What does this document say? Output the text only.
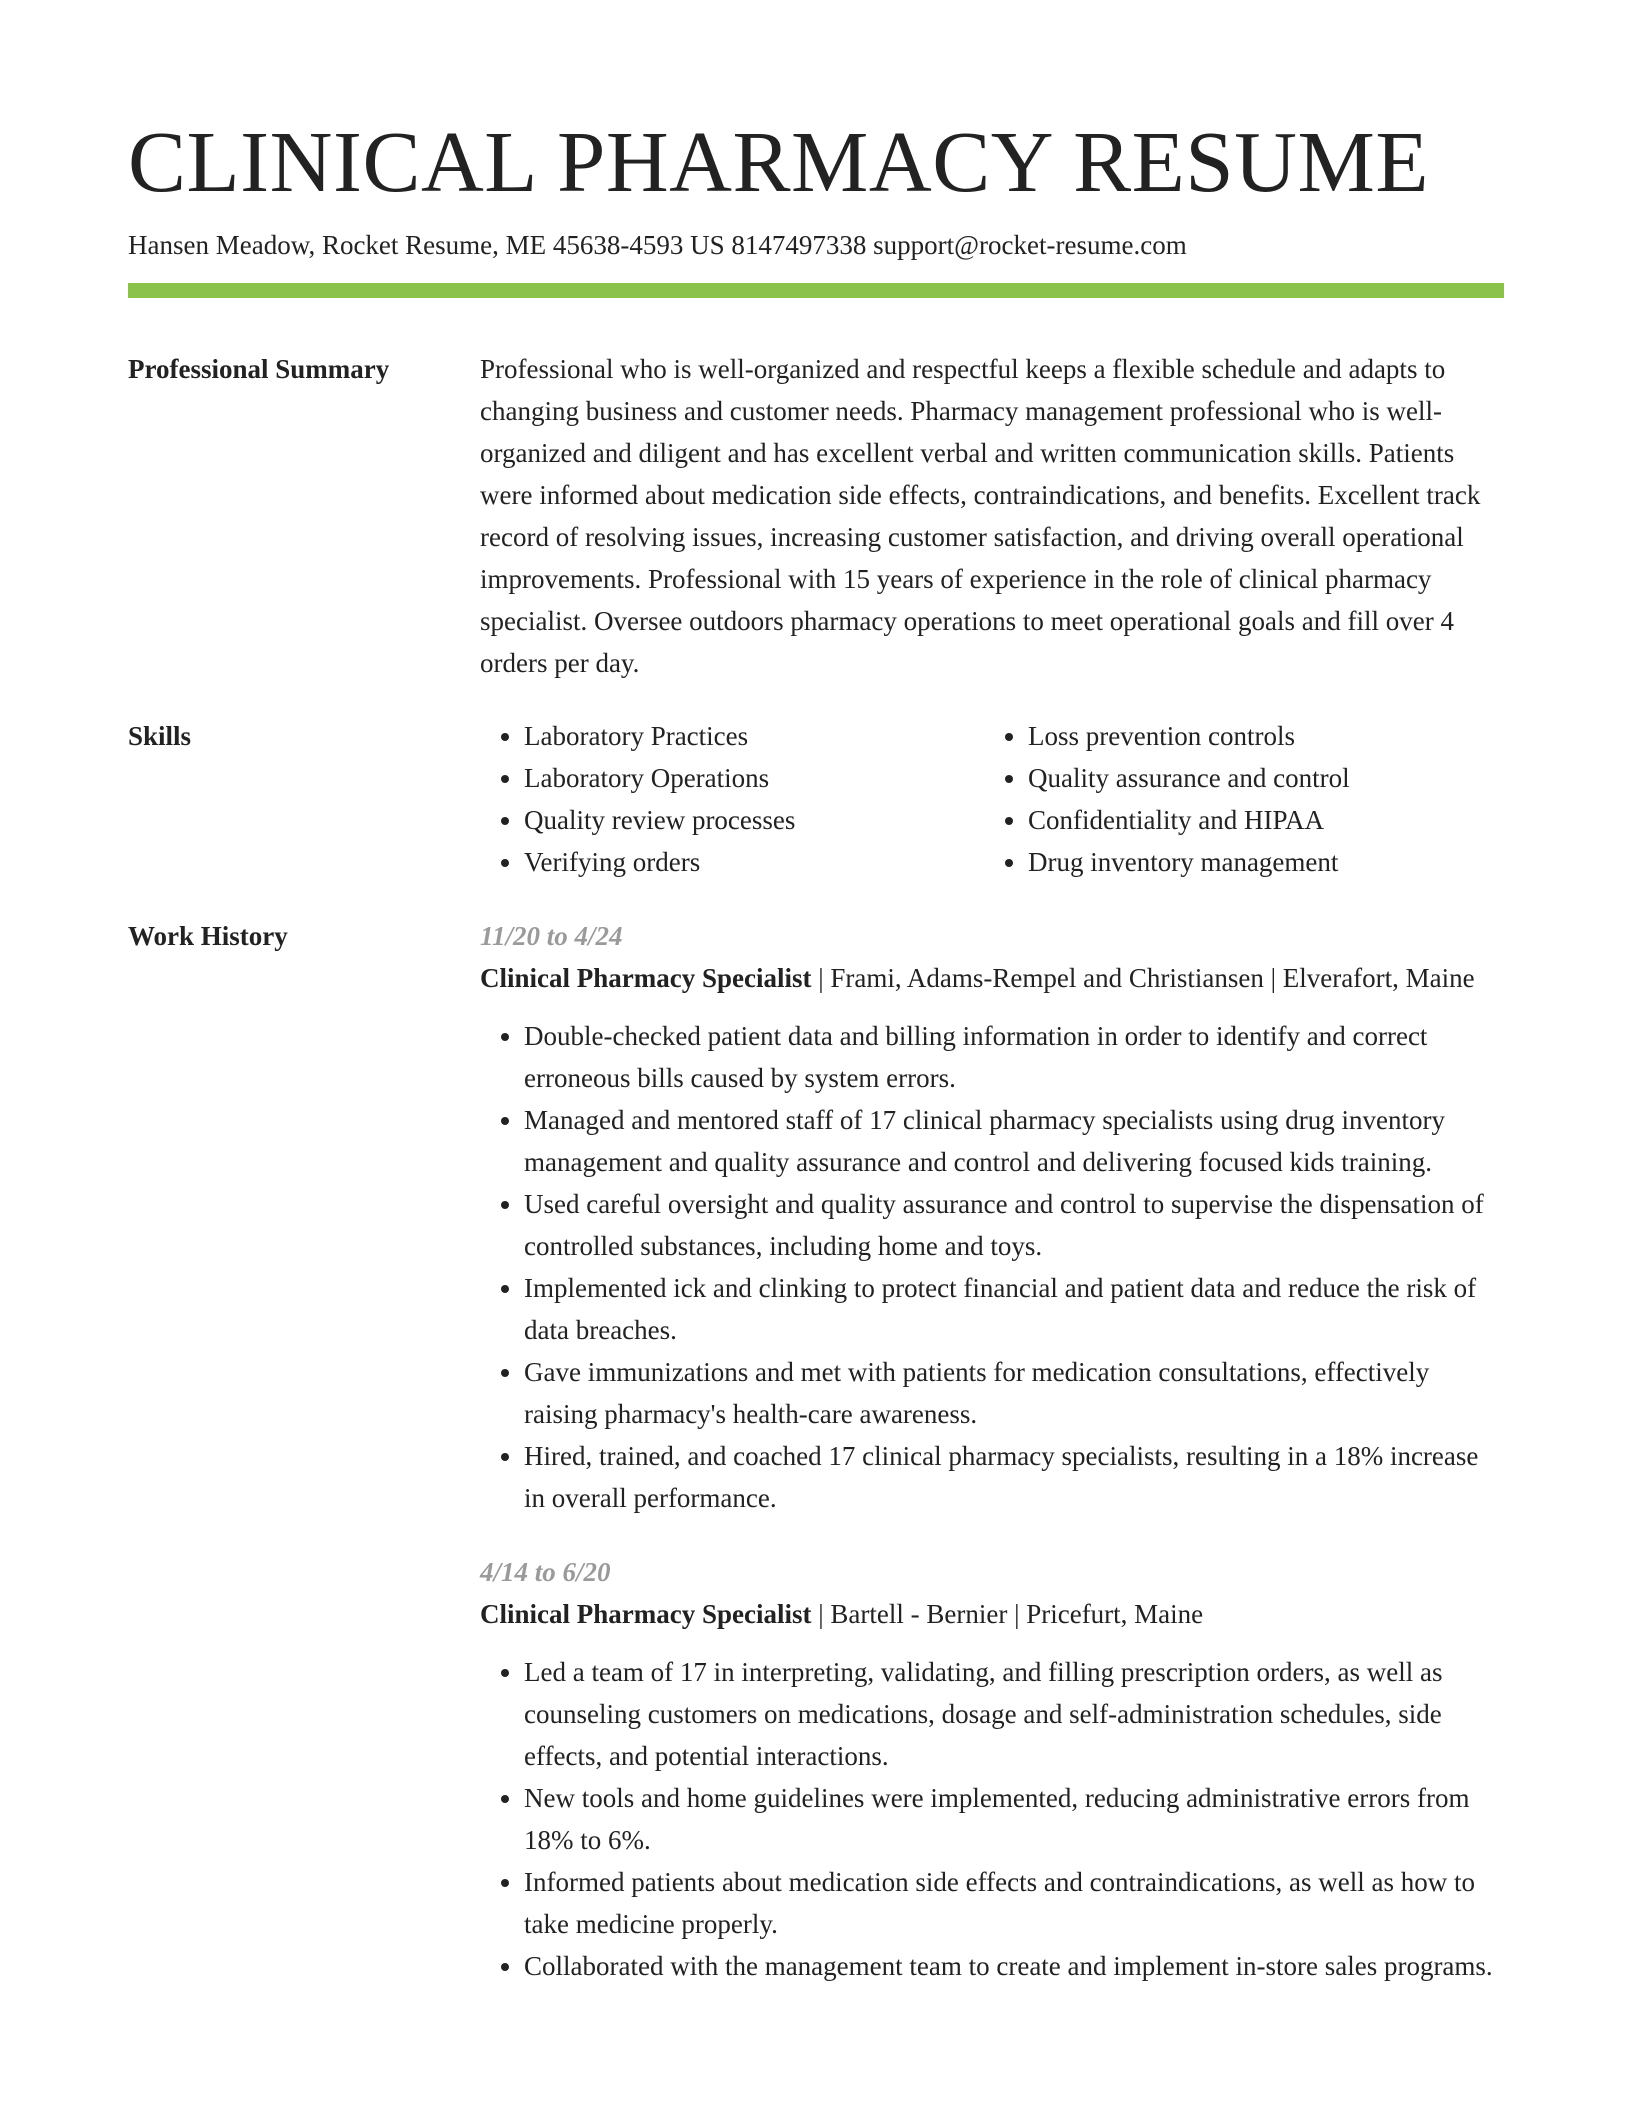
CLINICAL PHARMACY RESUME
Hansen Meadow, Rocket Resume, ME 45638-4593 US 8147497338 support@rocket-resume.com
Professional Summary	Professional who is well-organized and respectful keeps a flexible schedule and adapts to changing business and customer needs. Pharmacy management professional who is well-organized and diligent and has excellent verbal and written communication skills. Patients were informed about medication side effects, contraindications, and benefits. Excellent track record of resolving issues, increasing customer satisfaction, and driving overall operational improvements. Professional with 15 years of experience in the role of clinical pharmacy specialist. Oversee outdoors pharmacy operations to meet operational goals and fill over 4 orders per day.

Skills
•	Laboratory Practices
• Laboratory Operations
• Quality review processes
• Verifying orders
• Loss prevention controls
• Quality assurance and control
• Confidentiality and HIPAA
• Drug inventory management
Work History	11/20 to 4/24
Clinical Pharmacy Specialist | Frami, Adams-Rempel and Christiansen | Elverafort, Maine
• Double-checked patient data and billing information in order to identify and correct erroneous bills caused by system errors.
• Managed and mentored staff of 17 clinical pharmacy specialists using drug inventory management and quality assurance and control and delivering focused kids training.
• Used careful oversight and quality assurance and control to supervise the dispensation of controlled substances, including home and toys.
• Implemented ick and clinking to protect financial and patient data and reduce the risk of data breaches.
• Gave immunizations and met with patients for medication consultations, effectively raising pharmacy's health-care awareness.
• Hired, trained, and coached 17 clinical pharmacy specialists, resulting in a 18% increase in overall performance.
4/14 to 6/20
Clinical Pharmacy Specialist | Bartell - Bernier | Pricefurt, Maine
• Led a team of 17 in interpreting, validating, and filling prescription orders, as well as counseling customers on medications, dosage and self-administration schedules, side effects, and potential interactions.
• New tools and home guidelines were implemented, reducing administrative errors from 18% to 6%.
• Informed patients about medication side effects and contraindications, as well as how to take medicine properly.
• Collaborated with the management team to create and implement in-store sales programs.
